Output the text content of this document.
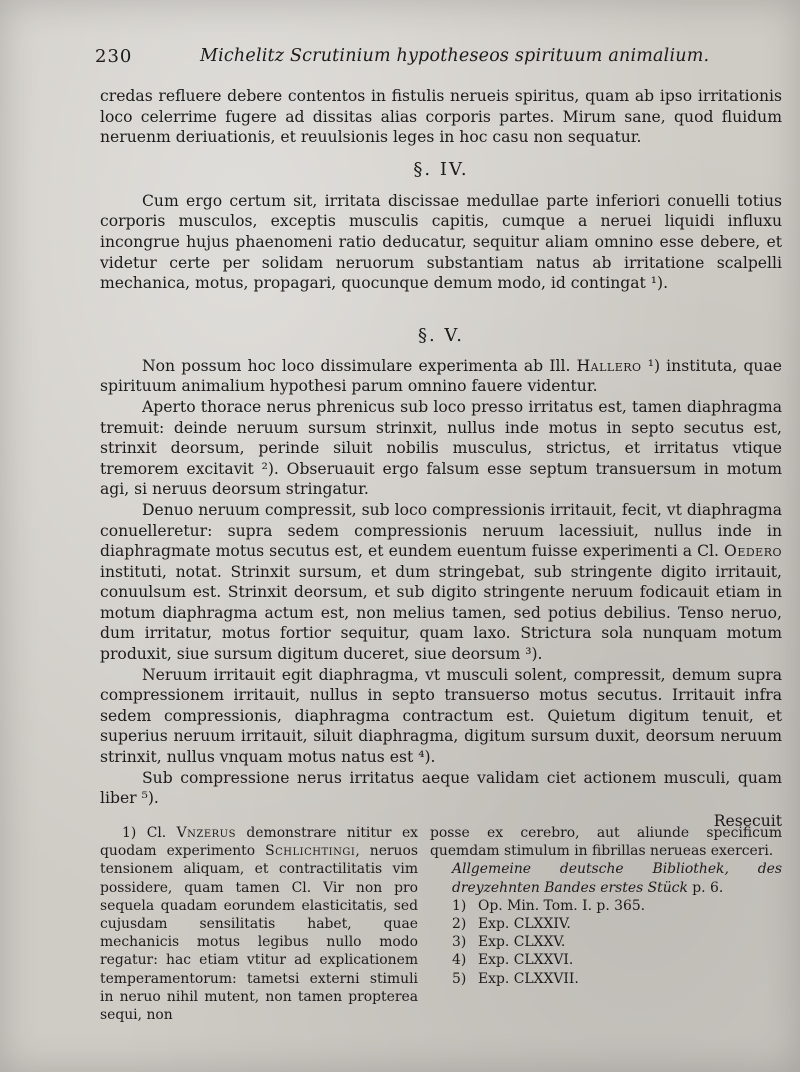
230	Michelitz Scrutinium hypotheseos spirituum animalium.

credas refluere debere contentos in fistulis nerueis spiritus, quam ab ipso irritationis loco celerrime fugere ad dissitas alias corporis partes. Mirum sane, quod fluidum neruenm deriuationis, et reuulsionis leges in hoc casu non sequatur.

§. IV.

Cum ergo certum sit, irritata discissae medullae parte inferiori conuelli totius corporis musculos, exceptis musculis capitis, cumque a neruei liquidi influxu incongrue hujus phaenomeni ratio deducatur, sequitur aliam omnino esse debere, et videtur certe per solidam neruorum substantiam natus ab irritatione scalpelli mechanica, motus, propagari, quocunque demum modo, id contingat ¹).

§. V.

Non possum hoc loco dissimulare experimenta ab Ill. Hallero ¹) instituta, quae spirituum animalium hypothesi parum omnino fauere videntur.

Aperto thorace nerus phrenicus sub loco presso irritatus est, tamen diaphragma tremuit: deinde neruum sursum strinxit, nullus inde motus in septo secutus est, strinxit deorsum, perinde siluit nobilis musculus, strictus, et irritatus vtique tremorem excitavit ²). Obseruauit ergo falsum esse septum transuersum in motum agi, si neruus deorsum stringatur.

Denuo neruum compressit, sub loco compressionis irritauit, fecit, vt diaphragma conuelleretur: supra sedem compressionis neruum lacessiuit, nullus inde in diaphragmate motus secutus est, et eundem euentum fuisse experimenti a Cl. Oedero instituti, notat. Strinxit sursum, et dum stringebat, sub stringente digito irritauit, conuulsum est. Strinxit deorsum, et sub digito stringente neruum fodicauit etiam in motum diaphragma actum est, non melius tamen, sed potius debilius. Tenso neruo, dum irritatur, motus fortior sequitur, quam laxo. Strictura sola nunquam motum produxit, siue sursum digitum duceret, siue deorsum ³).

Neruum irritauit egit diaphragma, vt musculi solent, compressit, demum supra compressionem irritauit, nullus in septo transuerso motus secutus. Irritauit infra sedem compressionis, diaphragma contractum est. Quietum digitum tenuit, et superius neruum irritauit, siluit diaphragma, digitum sursum duxit, deorsum neruum strinxit, nullus vnquam motus natus est ⁴).

Sub compressione nerus irritatus aeque validam ciet actionem musculi, quam liber ⁵).

Resecuit

1) Cl. Vnzerus demonstrare nititur ex quodam experimento Schlichtingi, neruos tensionem aliquam, et contractilitatis vim possidere, quam tamen Cl. Vir non pro sequela quadam eorundem elasticitatis, sed cujusdam sensilitatis habet, quae mechanicis motus legibus nullo modo regatur: hac etiam vtitur ad explicationem temperamentorum: tametsi externi stimuli in neruo nihil mutent, non tamen propterea sequi, non

posse ex cerebro, aut aliunde specificum quemdam stimulum in fibrillas nerueas exerceri.

Allgemeine deutsche Bibliothek, des dreyzehnten Bandes erstes Stück p. 6.

1) Op. Min. Tom. I. p. 365.
2) Exp. CLXXIV.
3) Exp. CLXXV.
4) Exp. CLXXVI.
5) Exp. CLXXVII.
